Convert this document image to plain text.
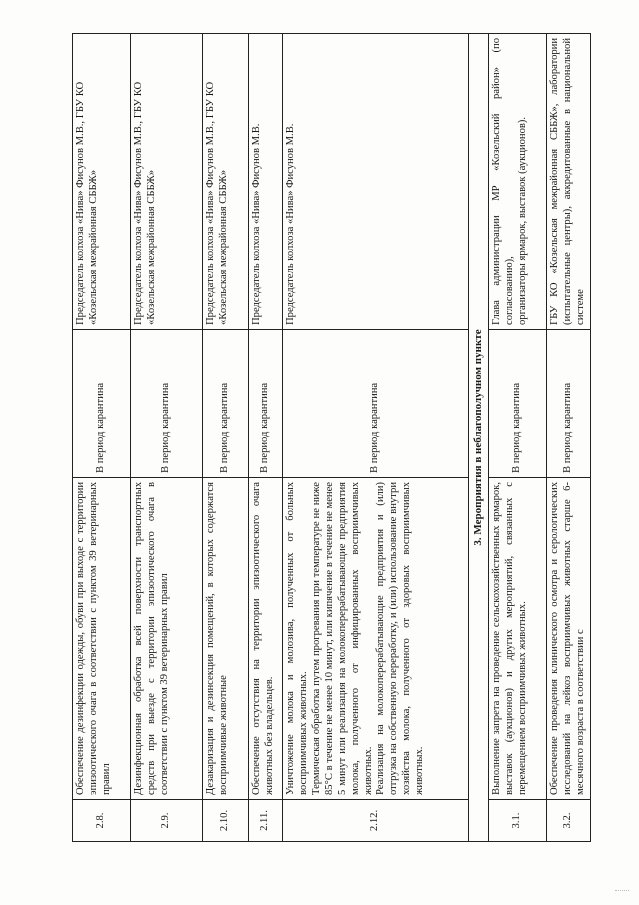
2.8.	Обеспечение дезинфекции одежды, обуви при выходе с территории эпизоотического очага в соответствии с пунктом 39 ветеринарных правил	В период карантина	Председатель колхоза «Нива» Фисунов М.В., ГБУ КО «Козельская межрайонная СББЖ»
2.9.	Дезинфекционная обработка всей поверхности транспортных средств при выезде с территории эпизоотического очага в соответствии с пунктом 39 ветеринарных правил	В период карантина	Председатель колхоза «Нива» Фисунов М.В., ГБУ КО «Козельская межрайонная СББЖ»
2.10.	Дезакаризация и дезинсекция помещений, в которых содержатся восприимчивые животные	В период карантина	Председатель колхоза «Нива» Фисунов М.В., ГБУ КО «Козельская межрайонная СББЖ»
2.11.	Обеспечение отсутствия на территории эпизоотического очага животных без владельцев.	В период карантина	Председатель колхоза «Нива» Фисунов М.В.
2.12.	Уничтожение молока и молозива, полученных от больных восприимчивых животных. Термическая обработка путем прогревания при температуре не ниже 85°С в течение не менее 10 минут, или кипячение в течение не менее 5 минут или реализация на молокоперерабатывающие предприятия молока, полученного от инфицированных восприимчивых животных. Реализация на молокоперерабатывающие предприятия и (или) отгрузка на собственную переработку, и (или) использование внутри хозяйства молока, полученного от здоровых восприимчивых животных.	В период карантина	Председатель колхоза «Нива» Фисунов М.В.
3. Мероприятия в неблагополучном пункте			
3.1.	Выполнение запрета на проведение сельскохозяйственных ярмарок, выставок (аукционов) и других мероприятий, связанных с перемещением восприимчивых животных.	В период карантина	Глава администрации МР «Козельский район» (по согласованию), организаторы ярмарок, выставок (аукционов).

3.2.	Обеспечение проведения клинического осмотра и серологических исследований на лейкоз восприимчивых животных старше 6-месячного возраста в соответствии с	В период карантина	ГБУ КО «Козельская межрайонная СББЖ», лаборатории (испытательные центры), аккредитованные в национальной системе
